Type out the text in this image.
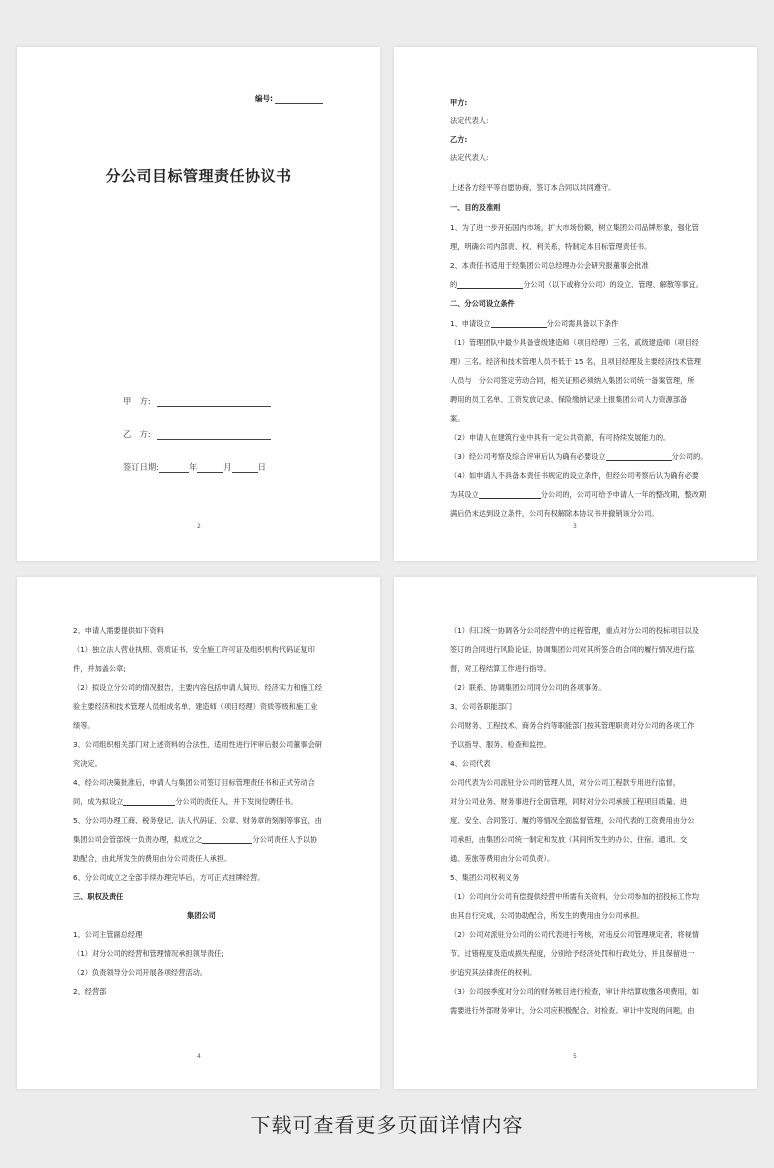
编号:
分公司目标管理责任协议书
甲　方:
乙　方:
签订日期:	年	月	日
2
甲方:
法定代表人:
乙方:
法定代表人:
上述各方经平等自愿协商，签订本合同以共同遵守。
一、目的及准则
1、为了进一步开拓国内市场，扩大市场份额，树立集团公司品牌形象，强化管
理，明确公司内部责、权、利关系，特制定本目标管理责任书。
2、本责任书适用于经集团公司总经理办公会研究报董事会批准
的	分公司（以下或称分公司）的设立、管理、解散等事宜。
二、分公司设立条件
1、申请设立	分公司需具备以下条件
（1）管理团队中最少具备壹级建造师（项目经理）三名，贰级建造师（项目经
理）三名。经济和技术管理人员不低于 15 名，且项目经理及主要经济技术管理
人员与　分公司签定劳动合同，相关证照必须纳入集团公司统一备案管理，所
聘用的员工名单、工资发放记录、保险缴纳记录上报集团公司人力资源部备
案。
（2）申请人在建筑行业中具有一定公共资源，有可持续发展能力的。
（3）经公司考察及综合评审后认为确有必要设立	分公司的。
（4）如申请人不具备本责任书规定的设立条件，但经公司考察后认为确有必要
为其设立	分公司的，公司可给予申请人一年的整改期，整改期
满后仍未达到设立条件，公司有权解除本协议书并撤销该分公司。
3
2、申请人需要提供如下资料
（1）独立法人营业执照、资质证书、安全施工许可证及组织机构代码证复印
件，并加盖公章;
（2）拟设立分公司的情况报告，主要内容包括申请人简历、经济实力和施工经
验主要经济和技术管理人员组成名单、建造师（项目经理）资质等级和施工业
绩等。
3、公司组织相关部门对上述资料的合法性、适用性进行评审后报公司董事会研
究决定。
4、经公司决策批准后，申请人与集团公司签订目标管理责任书和正式劳动合
同，成为拟设立	分公司的责任人，并下发岗位聘任书。
5、分公司办理工商、税务登记、法人代码证、公章、财务章的刻制等事宜，由
集团公司会管部统一负责办理，拟成立之	分公司责任人予以协
助配合，由此所发生的费用由分公司责任人承担。
6、分公司成立之全部手续办理完毕后，方可正式挂牌经营。
三、职权及责任
集团公司
1、公司主管副总经理
（1）对分公司的经营和管理情况承担领导责任;
（2）负责领导分公司开展各项经营活动。
2、经营部
4
（1）归口统一协调各分公司经营中的过程管理，重点对分公司的投标项目以及
签订的合同进行风险论证，协调集团公司对其所签合的合同的履行情况进行监
督，对工程结算工作进行指导。
（2）联系、协调集团公司同分公司的各项事务。
3、公司各职能部门
公司财务、工程技术、商务合约等职能部门按其管理职责对分公司的各项工作
予以指导、服务、检查和监控。
4、公司代表
公司代表为公司派驻分公司的管理人员，对分公司工程款专用进行监督，
对分公司业务、财务事进行全面管理，同时对分公司承接工程项目质量、进
度、安全、合同签订、履约等情况全面监督管理，公司代表的工资费用由分公
司承担，由集团公司统一制定和发放（其间所发生的办公、住宿、通讯、交
通、差旅等费用由分公司负责）。
5、集团公司权利义务
（1）公司向分公司有偿提供经营中所需有关资料，分公司参加的招投标工作均
由其自行完成，公司协助配合，所发生的费用由分公司承担。
（2）公司对派驻分公司的公司代表进行考核，对违反公司管理规定者，将视情
节、过错程度及造成损失程度，分别给予经济处罚和行政处分，并且保留进一
步追究其法律责任的权利。
（3）公司按季度对分公司的财务帐目进行检查，审计并结算收缴各项费用，如
需要进行外部财务审计，分公司应积极配合，对检查、审计中发现的问题，由
5
下载可查看更多页面详情内容
